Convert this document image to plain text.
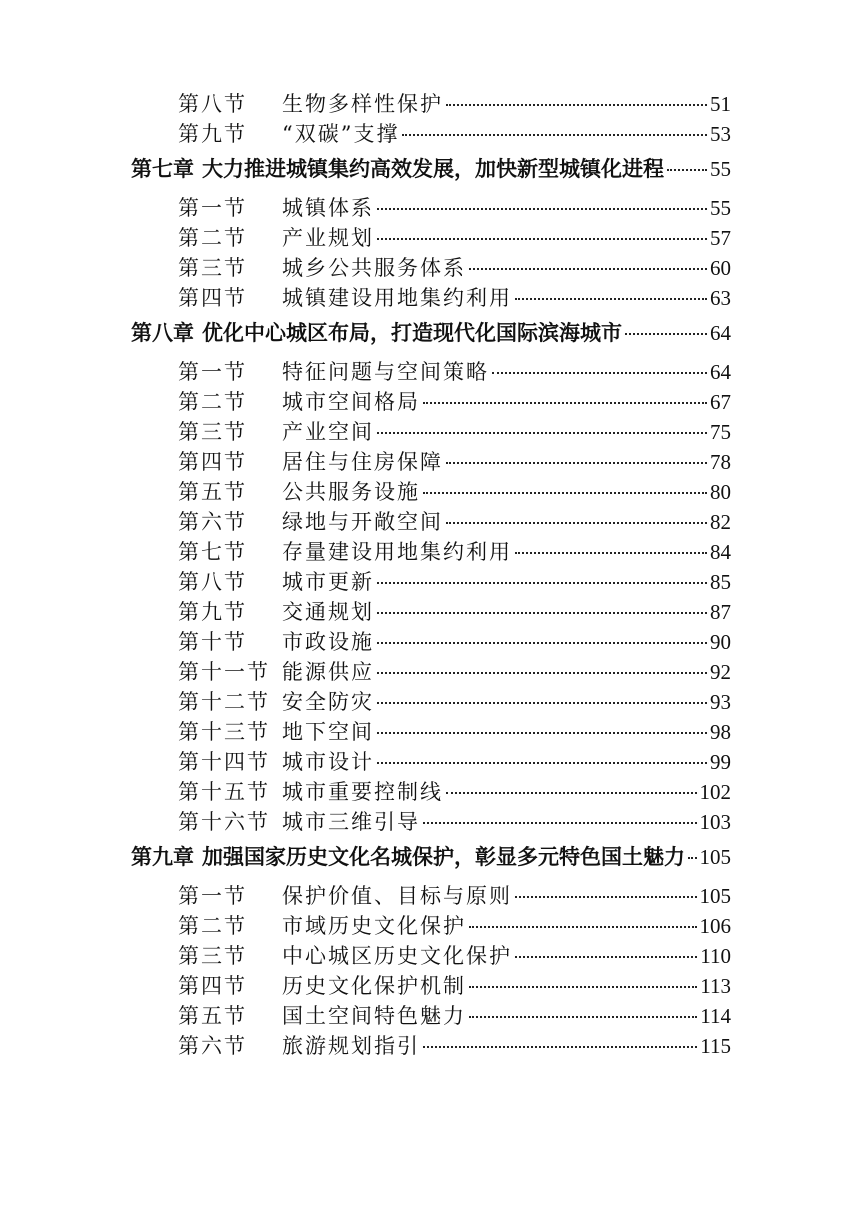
第八节	生物多样性保护	51
第九节	“双碳”支撑	53
第七章 大力推进城镇集约高效发展，加快新型城镇化进程 55
第一节	城镇体系	55
第二节	产业规划	57
第三节	城乡公共服务体系	60
第四节	城镇建设用地集约利用	63
第八章 优化中心城区布局，打造现代化国际滨海城市	64
第一节	特征问题与空间策略	64
第二节	城市空间格局	67
第三节	产业空间	75
第四节	居住与住房保障	78
第五节	公共服务设施	80
第六节	绿地与开敞空间	82
第七节	存量建设用地集约利用	84
第八节	城市更新	85
第九节	交通规划	87
第十节	市政设施	90
第十一节 能源供应	92
第十二节 安全防灾	93
第十三节 地下空间	98
第十四节 城市设计	99
第十五节 城市重要控制线	102
第十六节 城市三维引导	103
第九章 加强国家历史文化名城保护，彰显多元特色国土魅力 105
第一节	保护价值、目标与原则	105
第二节	市域历史文化保护	106
第三节	中心城区历史文化保护	110
第四节	历史文化保护机制	113
第五节	国土空间特色魅力	114
第六节	旅游规划指引	115
